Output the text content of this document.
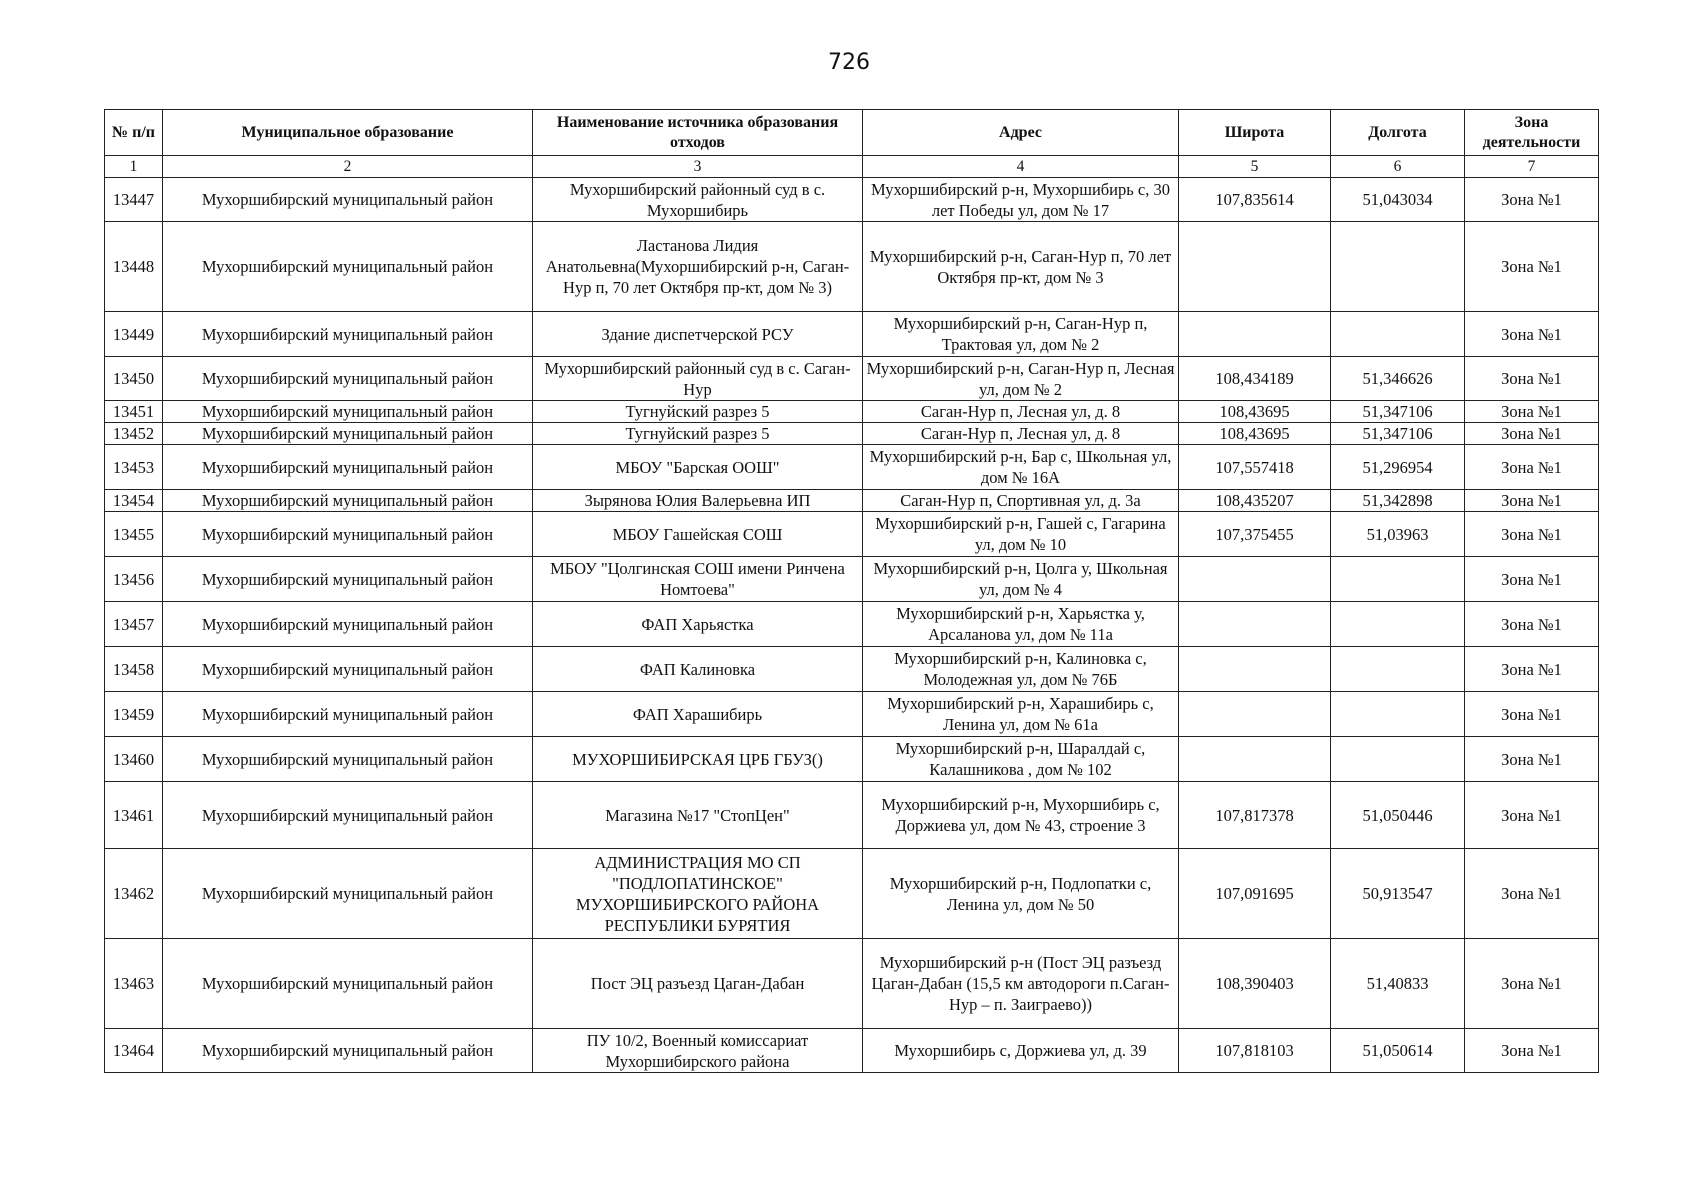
726
№ п/п	Муниципальное образование	Наименование источника образования отходов	Адрес	Широта	Долгота	Зона деятельности
1	2	3	4	5	6	7
13447	Мухоршибирский муниципальный район	Мухоршибирский районный суд в с. Мухоршибирь	Мухоршибирский р-н, Мухоршибирь с, 30 лет Победы ул, дом № 17	107,835614	51,043034	Зона №1
13448	Мухоршибирский муниципальный район	Ластанова Лидия Анатольевна(Мухоршибирский р-н, Саган-Нур п, 70 лет Октября пр-кт, дом № 3)	Мухоршибирский р-н, Саган-Нур п, 70 лет Октября пр-кт, дом № 3			Зона №1
13449	Мухоршибирский муниципальный район	Здание диспетчерской РСУ	Мухоршибирский р-н, Саган-Нур п, Трактовая ул, дом № 2			Зона №1
13450	Мухоршибирский муниципальный район	Мухоршибирский районный суд в с. Саган-Нур	Мухоршибирский р-н, Саган-Нур п, Лесная ул, дом № 2	108,434189	51,346626	Зона №1
13451	Мухоршибирский муниципальный район	Тугнуйский разрез 5	Саган-Нур п, Лесная ул, д. 8	108,43695	51,347106	Зона №1
13452	Мухоршибирский муниципальный район	Тугнуйский разрез 5	Саган-Нур п, Лесная ул, д. 8	108,43695	51,347106	Зона №1
13453	Мухоршибирский муниципальный район	МБОУ "Барская ООШ"	Мухоршибирский р-н, Бар с, Школьная ул, дом № 16А	107,557418	51,296954	Зона №1
13454	Мухоршибирский муниципальный район	Зырянова Юлия Валерьевна ИП	Саган-Нур п, Спортивная ул, д. 3а	108,435207	51,342898	Зона №1
13455	Мухоршибирский муниципальный район	МБОУ Гашейская СОШ	Мухоршибирский р-н, Гашей с, Гагарина ул, дом № 10	107,375455	51,03963	Зона №1
13456	Мухоршибирский муниципальный район	МБОУ "Цолгинская СОШ имени Ринчена Номтоева"	Мухоршибирский р-н, Цолга у, Школьная ул, дом № 4			Зона №1
13457	Мухоршибирский муниципальный район	ФАП Харьястка	Мухоршибирский р-н, Харьястка у, Арсаланова ул, дом № 11а			Зона №1
13458	Мухоршибирский муниципальный район	ФАП Калиновка	Мухоршибирский р-н, Калиновка с, Молодежная ул, дом № 76Б			Зона №1
13459	Мухоршибирский муниципальный район	ФАП Харашибирь	Мухоршибирский р-н, Харашибирь с, Ленина ул, дом № 61а			Зона №1
13460	Мухоршибирский муниципальный район	МУХОРШИБИРСКАЯ ЦРБ ГБУЗ()	Мухоршибирский р-н, Шаралдай с, Калашникова , дом № 102			Зона №1
13461	Мухоршибирский муниципальный район	Магазина №17 "СтопЦен"	Мухоршибирский р-н, Мухоршибирь с, Доржиева ул, дом № 43, строение 3	107,817378	51,050446	Зона №1
13462	Мухоршибирский муниципальный район	АДМИНИСТРАЦИЯ МО СП "ПОДЛОПАТИНСКОЕ" МУХОРШИБИРСКОГО РАЙОНА РЕСПУБЛИКИ БУРЯТИЯ	Мухоршибирский р-н, Подлопатки с, Ленина ул, дом № 50	107,091695	50,913547	Зона №1
13463	Мухоршибирский муниципальный район	Пост ЭЦ разъезд Цаган-Дабан	Мухоршибирский р-н (Пост ЭЦ разъезд Цаган-Дабан (15,5 км автодороги п.Саган-Нур – п. Заиграево))	108,390403	51,40833	Зона №1
13464	Мухоршибирский муниципальный район	ПУ 10/2, Военный комиссариат Мухоршибирского района	Мухоршибирь с, Доржиева ул, д. 39	107,818103	51,050614	Зона №1
